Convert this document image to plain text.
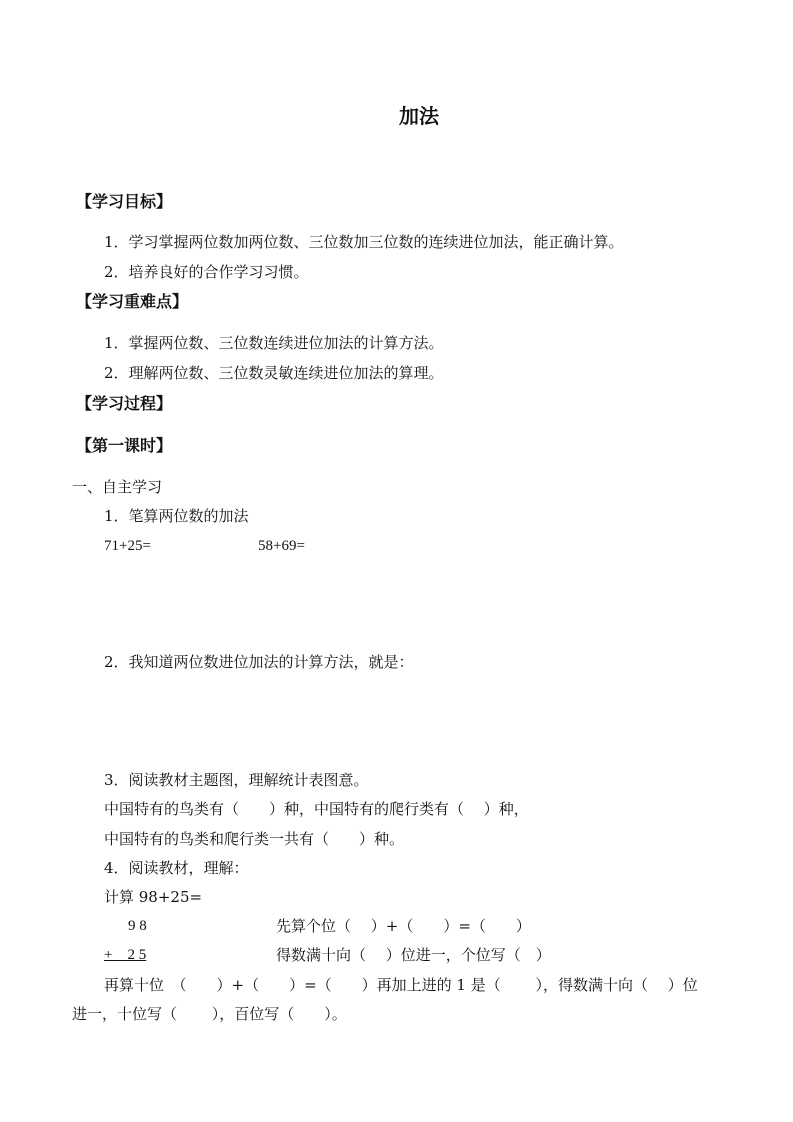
加法
【学习目标】
1．学习掌握两位数加两位数、三位数加三位数的连续进位加法，能正确计算。
2．培养良好的合作学习习惯。
【学习重难点】
1．掌握两位数、三位数连续进位加法的计算方法。
2．理解两位数、三位数灵敏连续进位加法的算理。
【学习过程】
【第一课时】
一、自主学习
1．笔算两位数的加法
71+25=	58+69=
2．我知道两位数进位加法的计算方法，就是：
3．阅读教材主题图，理解统计表图意。
中国特有的鸟类有（　　）种，中国特有的爬行类有（　 ）种，
中国特有的鸟类和爬行类一共有（　　）种。
4．阅读教材，理解：
计算 98+25=
9 8	先算个位（　 ）+（　　）=（　　）
+　2 5	得数满十向（　 ）位进一，个位写（　）
再算十位　（　　）+（　　）=（　　）再加上进的 1 是（　　 ），得数满十向（　 ）位
进一，十位写（　　 ），百位写（　　）。
